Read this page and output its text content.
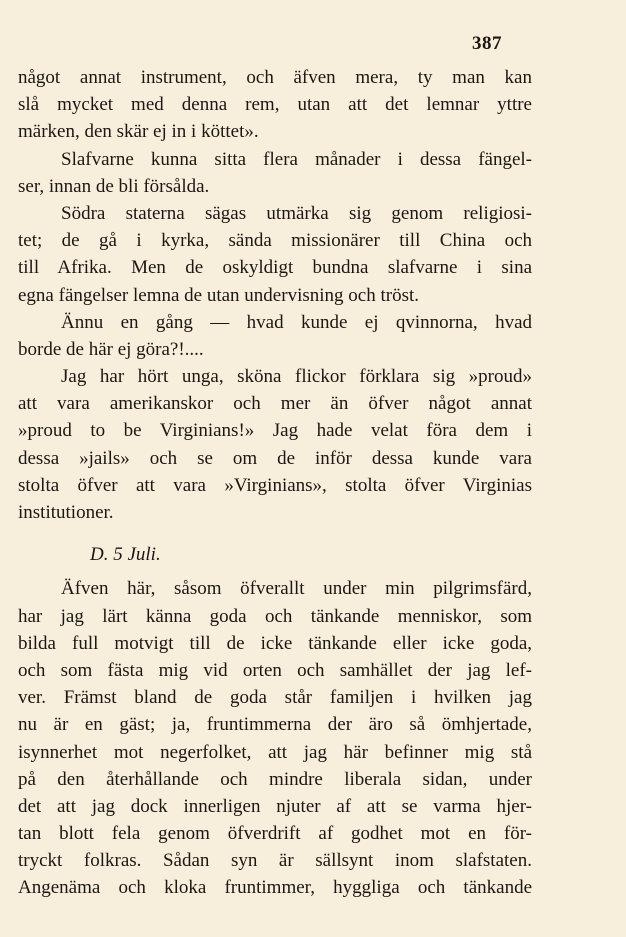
387
något annat instrument, och äfven mera, ty man kan
slå mycket med denna rem, utan att det lemnar yttre
märken, den skär ej in i köttet».
Slafvarne kunna sitta flera månader i dessa fängel-
ser, innan de bli försålda.
Södra staterna sägas utmärka sig genom religiosi-
tet; de gå i kyrka, sända missionärer till China och
till Afrika. Men de oskyldigt bundna slafvarne i sina
egna fängelser lemna de utan undervisning och tröst.
Ännu en gång — hvad kunde ej qvinnorna, hvad
borde de här ej göra?!....
Jag har hört unga, sköna flickor förklara sig »proud»
att vara amerikanskor och mer än öfver något annat
»proud to be Virginians!» Jag hade velat föra dem i
dessa »jails» och se om de inför dessa kunde vara
stolta öfver att vara »Virginians», stolta öfver Virginias
institutioner.
D. 5 Juli.
Äfven här, såsom öfverallt under min pilgrimsfärd,
har jag lärt känna goda och tänkande menniskor, som
bilda full motvigt till de icke tänkande eller icke goda,
och som fästa mig vid orten och samhället der jag lef-
ver. Främst bland de goda står familjen i hvilken jag
nu är en gäst; ja, fruntimmerna der äro så ömhjertade,
isynnerhet mot negerfolket, att jag här befinner mig stå
på den återhållande och mindre liberala sidan, under
det att jag dock innerligen njuter af att se varma hjer-
tan blott fela genom öfverdrift af godhet mot en för-
tryckt folkras. Sådan syn är sällsynt inom slafstaten.
Angenäma och kloka fruntimmer, hyggliga och tänkande
